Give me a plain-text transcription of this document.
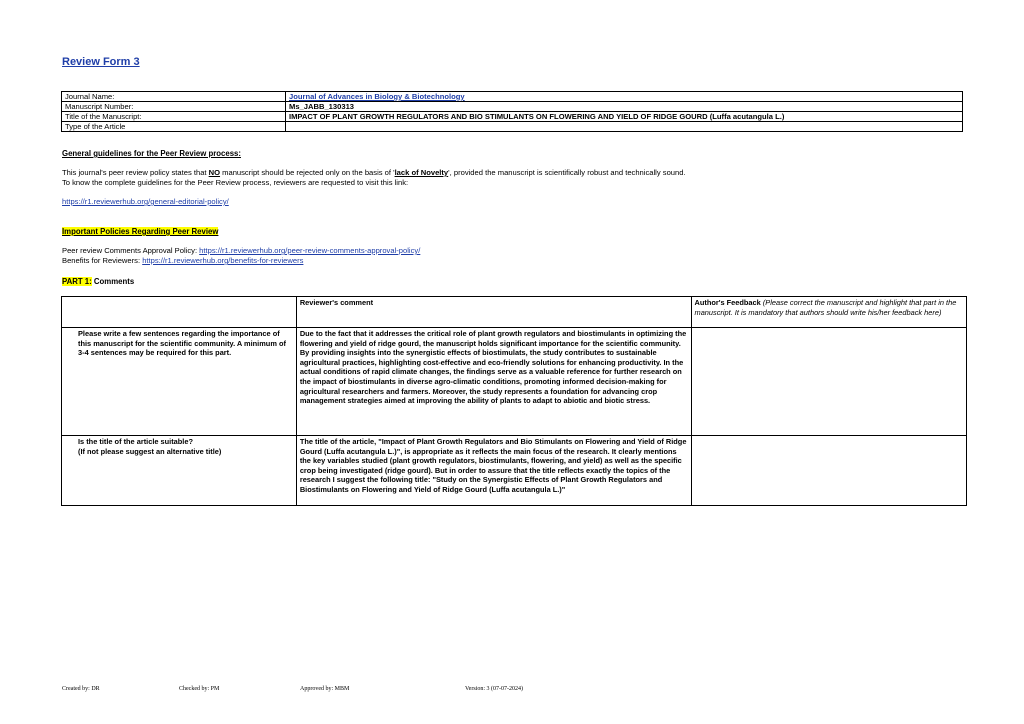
Review Form 3
Journal Name:	Journal of Advances in Biology & Biotechnology
Manuscript Number:	Ms_JABB_130313
Title of the Manuscript:	IMPACT OF PLANT GROWTH REGULATORS AND BIO STIMULANTS ON FLOWERING AND YIELD OF RIDGE GOURD (Luffa acutangula L.)
Type of the Article	
General guidelines for the Peer Review process:
This journal's peer review policy states that NO manuscript should be rejected only on the basis of 'lack of Novelty', provided the manuscript is scientifically robust and technically sound.
To know the complete guidelines for the Peer Review process, reviewers are requested to visit this link:
https://r1.reviewerhub.org/general-editorial-policy/
Important Policies Regarding Peer Review
Peer review Comments Approval Policy: https://r1.reviewerhub.org/peer-review-comments-approval-policy/
Benefits for Reviewers: https://r1.reviewerhub.org/benefits-for-reviewers
PART 1: Comments
	Reviewer's comment	Author's Feedback (Please correct the manuscript and highlight that part in the manuscript. It is mandatory that authors should write his/her feedback here)
Please write a few sentences regarding the importance of this manuscript for the scientific community. A minimum of 3-4 sentences may be required for this part.	Due to the fact that it addresses the critical role of plant growth regulators and biostimulants in optimizing the flowering and yield of ridge gourd, the manuscript holds significant importance for the scientific community. By providing insights into the synergistic effects of biostimulats, the study contributes to sustainable agricultural practices, highlighting cost-effective and eco-friendly solutions for enhancing productivity. In the actual conditions of rapid climate changes, the findings serve as a valuable reference for further research on the impact of biostimulants in diverse agro-climatic conditions, promoting informed decision-making for agricultural researchers and farmers. Moreover, the study represents a foundation for advancing crop management strategies aimed at improving the ability of plants to adapt to abiotic and biotic stress.	
Is the title of the article suitable?
(If not please suggest an alternative title)	The title of the article, "Impact of Plant Growth Regulators and Bio Stimulants on Flowering and Yield of Ridge Gourd (Luffa acutangula L.)", is appropriate as it reflects the main focus of the research. It clearly mentions the key variables studied (plant growth regulators, biostimulants, flowering, and yield) as well as the specific crop being investigated (ridge gourd). But in order to assure that the title reflects exactly the topics of the research I suggest the following title: "Study on the Synergistic Effects of Plant Growth Regulators and Biostimulants on Flowering and Yield of Ridge Gourd (Luffa acutangula L.)"	
Created by: DR	Checked by: PM	Approved by: MBM	Version: 3 (07-07-2024)
